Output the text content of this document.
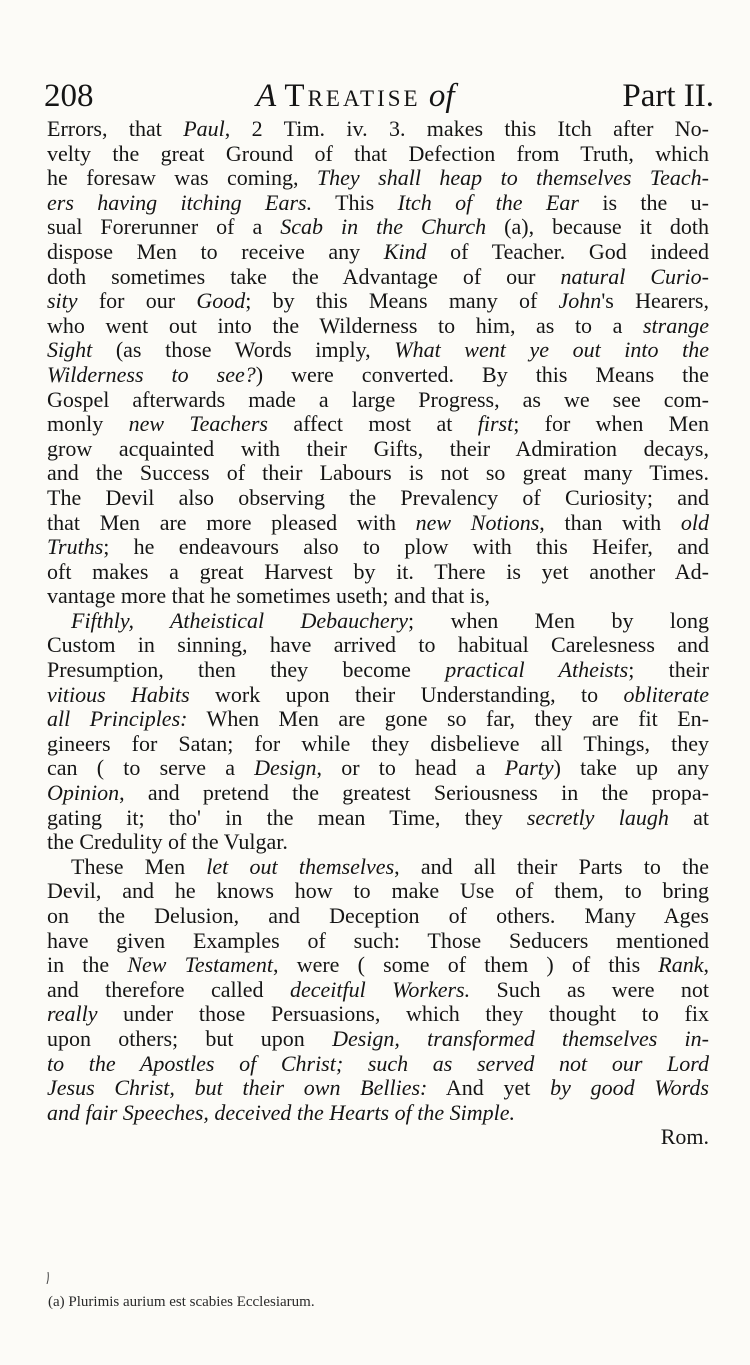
208	A Treatise of	Part II.
Errors, that Paul, 2 Tim. iv. 3. makes this Itch after No-
velty the great Ground of that Defection from Truth, which
he foresaw was coming, They shall heap to themselves Teach-
ers having itching Ears. This Itch of the Ear is the u-
sual Forerunner of a Scab in the Church (a), because it doth
dispose Men to receive any Kind of Teacher. God indeed
doth sometimes take the Advantage of our natural Curio-
sity for our Good; by this Means many of John's Hearers,
who went out into the Wilderness to him, as to a strange
Sight (as those Words imply, What went ye out into the
Wilderness to see?) were converted. By this Means the
Gospel afterwards made a large Progress, as we see com-
monly new Teachers affect most at first; for when Men
grow acquainted with their Gifts, their Admiration decays,
and the Success of their Labours is not so great many Times.
The Devil also observing the Prevalency of Curiosity; and
that Men are more pleased with new Notions, than with old
Truths; he endeavours also to plow with this Heifer, and
oft makes a great Harvest by it. There is yet another Ad-
vantage more that he sometimes useth; and that is,
Fifthly, Atheistical Debauchery; when Men by long
Custom in sinning, have arrived to habitual Carelesness and
Presumption, then they become practical Atheists; their
vitious Habits work upon their Understanding, to obliterate
all Principles: When Men are gone so far, they are fit En-
gineers for Satan; for while they disbelieve all Things, they
can ( to serve a Design, or to head a Party) take up any
Opinion, and pretend the greatest Seriousness in the propa-
gating it; tho' in the mean Time, they secretly laugh at
the Credulity of the Vulgar.
These Men let out themselves, and all their Parts to the
Devil, and he knows how to make Use of them, to bring
on the Delusion, and Deception of others. Many Ages
have given Examples of such: Those Seducers mentioned
in the New Testament, were ( some of them ) of this Rank,
and therefore called deceitful Workers. Such as were not
really under those Persuasions, which they thought to fix
upon others; but upon Design, transformed themselves in-
to the Apostles of Christ; such as served not our Lord
Jesus Christ, but their own Bellies: And yet by good Words
and fair Speeches, deceived the Hearts of the Simple.
Rom.
(a) Plurimis aurium est scabies Ecclesiarum.
